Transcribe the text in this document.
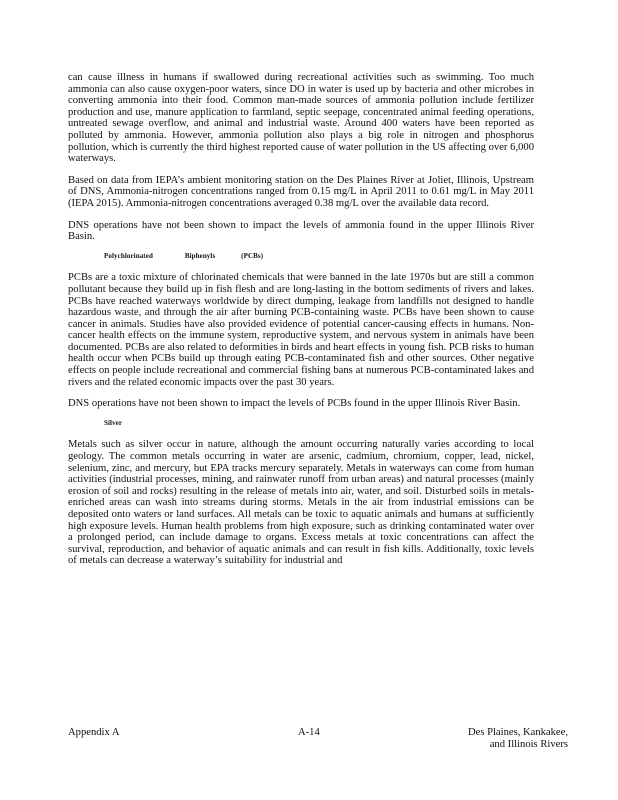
can cause illness in humans if swallowed during recreational activities such as swimming. Too much ammonia can also cause oxygen-poor waters, since DO in water is used up by bacteria and other microbes in converting ammonia into their food. Common man-made sources of ammonia pollution include fertilizer production and use, manure application to farmland, septic seepage, concentrated animal feeding operations, untreated sewage overflow, and animal and industrial waste. Around 400 waters have been reported as polluted by ammonia. However, ammonia pollution also plays a big role in nitrogen and phosphorus pollution, which is currently the third highest reported cause of water pollution in the US affecting over 6,000 waterways.

Based on data from IEPA’s ambient monitoring station on the Des Plaines River at Joliet, Illinois, Upstream of DNS, Ammonia-nitrogen concentrations ranged from 0.15 mg/L in April 2011 to 0.61 mg/L in May 2011 (IEPA 2015). Ammonia-nitrogen concentrations averaged 0.38 mg/L over the available data record.

DNS operations have not been shown to impact the levels of ammonia found in the upper Illinois River Basin.

Polychlorinated	Biphenyls	(PCBs)

PCBs are a toxic mixture of chlorinated chemicals that were banned in the late 1970s but are still a common pollutant because they build up in fish flesh and are long-lasting in the bottom sediments of rivers and lakes. PCBs have reached waterways worldwide by direct dumping, leakage from landfills not designed to handle hazardous waste, and through the air after burning PCB-containing waste. PCBs have been shown to cause cancer in animals. Studies have also provided evidence of potential cancer-causing effects in humans. Non-cancer health effects on the immune system, reproductive system, and nervous system in animals have been documented. PCBs are also related to deformities in birds and heart effects in young fish. PCB risks to human health occur when PCBs build up through eating PCB-contaminated fish and other sources. Other negative effects on people include recreational and commercial fishing bans at numerous PCB-contaminated lakes and rivers and the related economic impacts over the past 30 years.

DNS operations have not been shown to impact the levels of PCBs found in the upper Illinois River Basin.

Silver

Metals such as silver occur in nature, although the amount occurring naturally varies according to local geology. The common metals occurring in water are arsenic, cadmium, chromium, copper, lead, nickel, selenium, zinc, and mercury, but EPA tracks mercury separately. Metals in waterways can come from human activities (industrial processes, mining, and rainwater runoff from urban areas) and natural processes (mainly erosion of soil and rocks) resulting in the release of metals into air, water, and soil. Disturbed soils in metals-enriched areas can wash into streams during storms. Metals in the air from industrial emissions can be deposited onto waters or land surfaces. All metals can be toxic to aquatic animals and humans at sufficiently high exposure levels. Human health problems from high exposure, such as drinking contaminated water over a prolonged period, can include damage to organs. Excess metals at toxic concentrations can affect the survival, reproduction, and behavior of aquatic animals and can result in fish kills. Additionally, toxic levels of metals can decrease a waterway’s suitability for industrial and

Appendix A	A-14	Des Plaines, Kankakee,
and Illinois Rivers
